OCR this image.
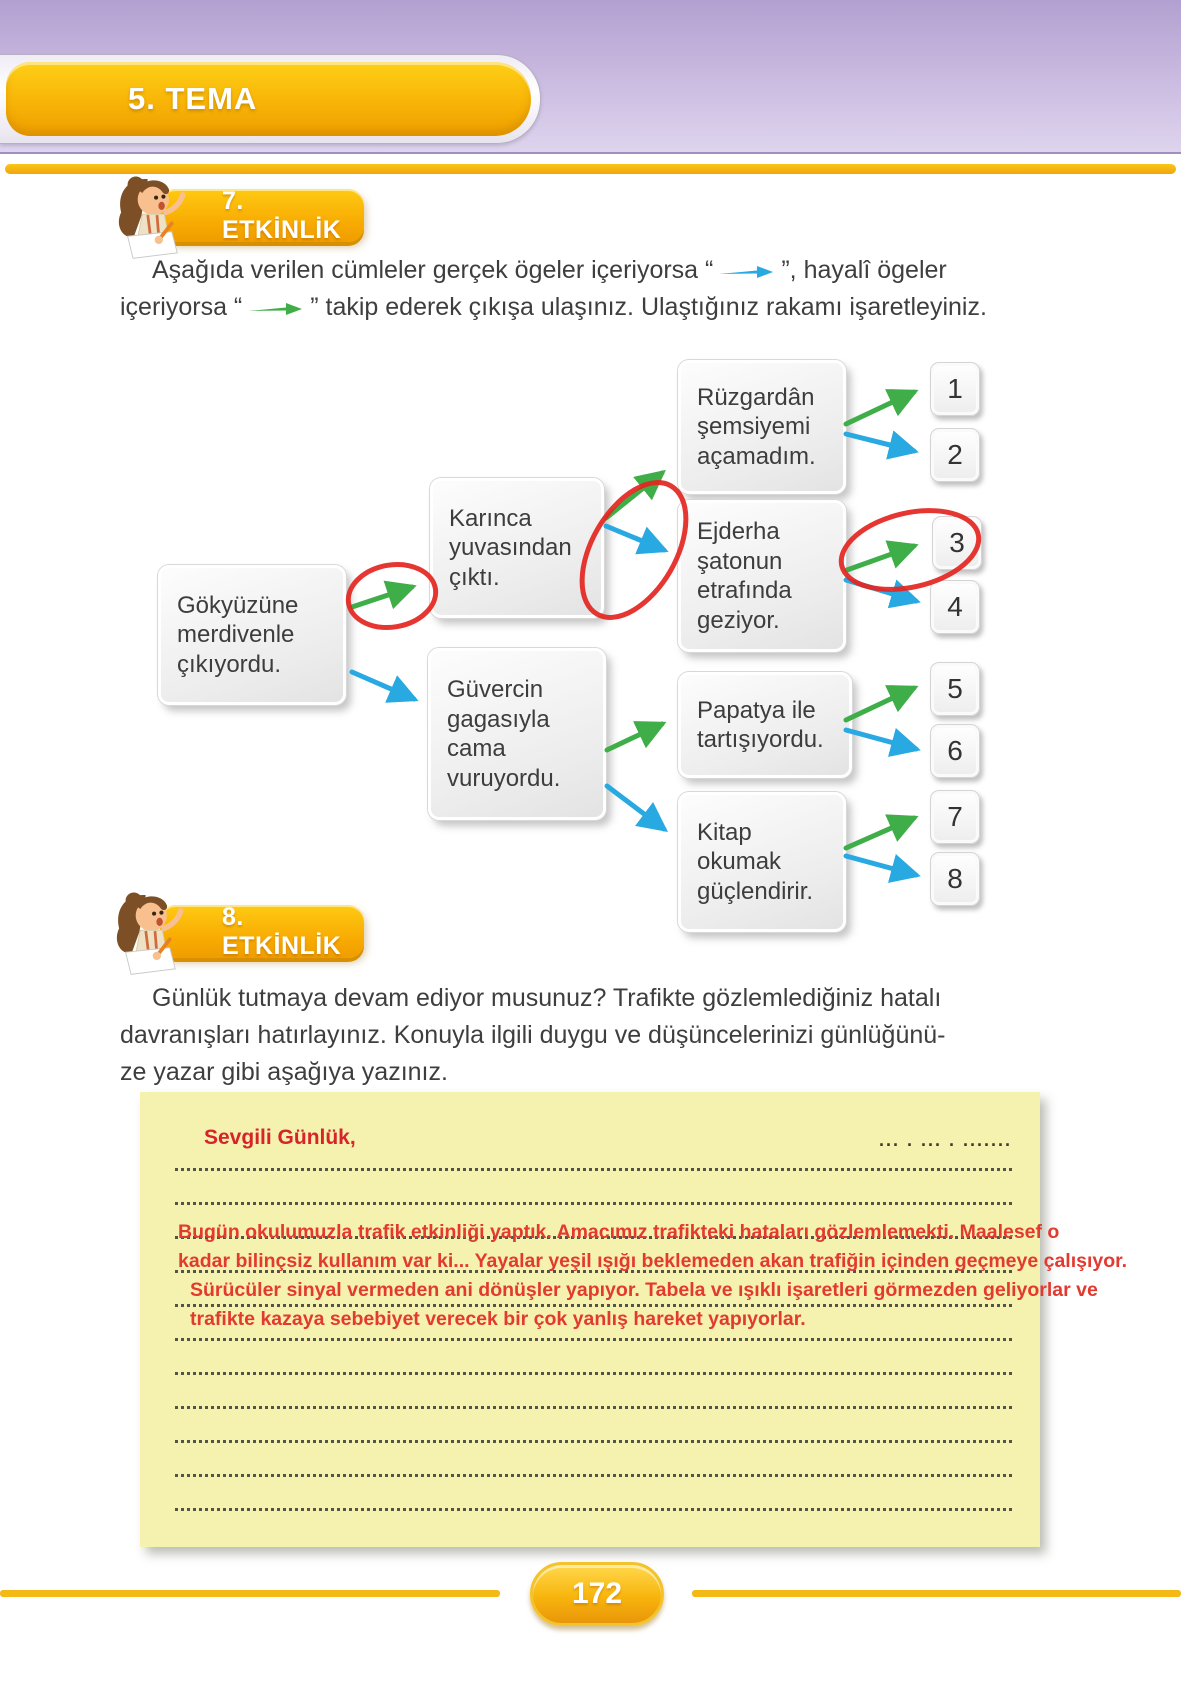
5. TEMA
7. ETKİNLİK
Aşağıda verilen cümleler gerçek ögeler içeriyorsa “	”, hayalî ögeler
içeriyorsa “	” takip ederek çıkışa ulaşınız. Ulaştığınız rakamı işaretleyiniz.
Gökyüzüne merdivenle çıkıyordu.
Karınca yuvasından çıktı.
Güvercin gagasıyla cama vuruyordu.
Rüzgardân şemsiyemi açamadım.
Ejderha şatonun etrafında geziyor.
Papatya ile tartışıyordu.
Kitap okumak güçlendirir.
1
2
3
4
5
6
7
8
8. ETKİNLİK
Günlük tutmaya devam ediyor musunuz? Trafikte gözlemlediğiniz hatalı
davranışları hatırlayınız. Konuyla ilgili duygu ve düşüncelerinizi günlüğünü-
ze yazar gibi aşağıya yazınız.
Sevgili Günlük,	... . ... . .......
Bugün okulumuzla trafik etkinliği yaptık. Amacımız trafikteki hataları gözlemlemekti. Maalesef o
kadar bilinçsiz kullanım var ki... Yayalar yeşil ışığı beklemeden akan trafiğin içinden geçmeye çalışıyor.
Sürücüler sinyal vermeden ani dönüşler yapıyor. Tabela ve ışıklı işaretleri görmezden geliyorlar ve
trafikte kazaya sebebiyet verecek bir çok yanlış hareket yapıyorlar.
172
